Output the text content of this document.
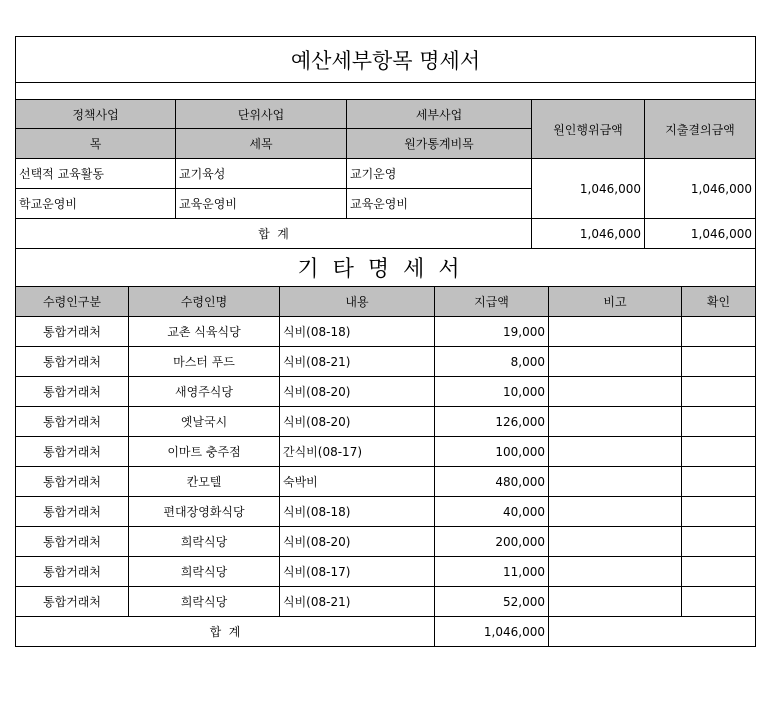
예산세부항목 명세서				

정책사업	단위사업	세부사업	원인행위금액	지출결의금액
목	세목	원가통계비목		
선택적 교육활동	교기육성	교기운영	1,046,000	1,046,000
학교운영비	교육운영비	교육운영비		
합  계			1,046,000	1,046,000
기타명세서				
수령인구분	수령인명	내용	지급액	비고	확인
통합거래처	교촌 식육식당	식비(08-18)	19,000		
통합거래처	마스터 푸드	식비(08-21)	8,000		
통합거래처	새영주식당	식비(08-20)	10,000		
통합거래처	옛날국시	식비(08-20)	126,000		
통합거래처	이마트 충주점	간식비(08-17)	100,000		
통합거래처	칸모텔	숙박비	480,000		
통합거래처	편대장영화식당	식비(08-18)	40,000		
통합거래처	희락식당	식비(08-20)	200,000		
통합거래처	희락식당	식비(08-17)	11,000		
통합거래처	희락식당	식비(08-21)	52,000		
합  계			1,046,000		
